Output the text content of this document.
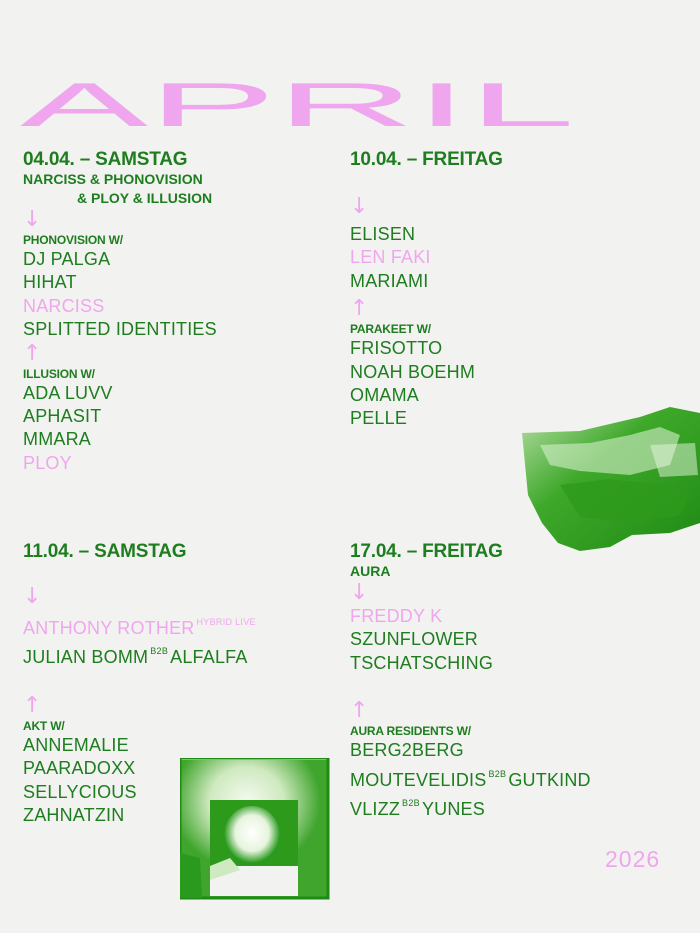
APRIL
04.04. – SAMSTAG
NARCISS & PHONOVISION
& PLOY & ILLUSION
↓
PHONOVISION W/
DJ PALGA
HIHAT
NARCISS
SPLITTED IDENTITIES
↑
ILLUSION W/
ADA LUVV
APHASIT
MMARA
PLOY
10.04. – FREITAG
↓
ELISEN
LEN FAKI
MARIAMI
↑
PARAKEET W/
FRISOTTO
NOAH BOEHM
OMAMA
PELLE
11.04. – SAMSTAG
↓
ANTHONY ROTHER $^{HYBRID LIVE}$
JULIAN BOMM $^{B2B}$ ALFALFA
↑
AKT W/
ANNEMALIE
PAARADOXX
SELLYCIOUS
ZAHNATZIN
17.04. – FREITAG
AURA
↓
FREDDY K
SZUNFLOWER
TSCHATSCHING
↑
AURA RESIDENTS W/
BERG2BERG
MOUTEVELIDIS $^{B2B}$ GUTKIND
VLIZZ $^{B2B}$ YUNES
2026
